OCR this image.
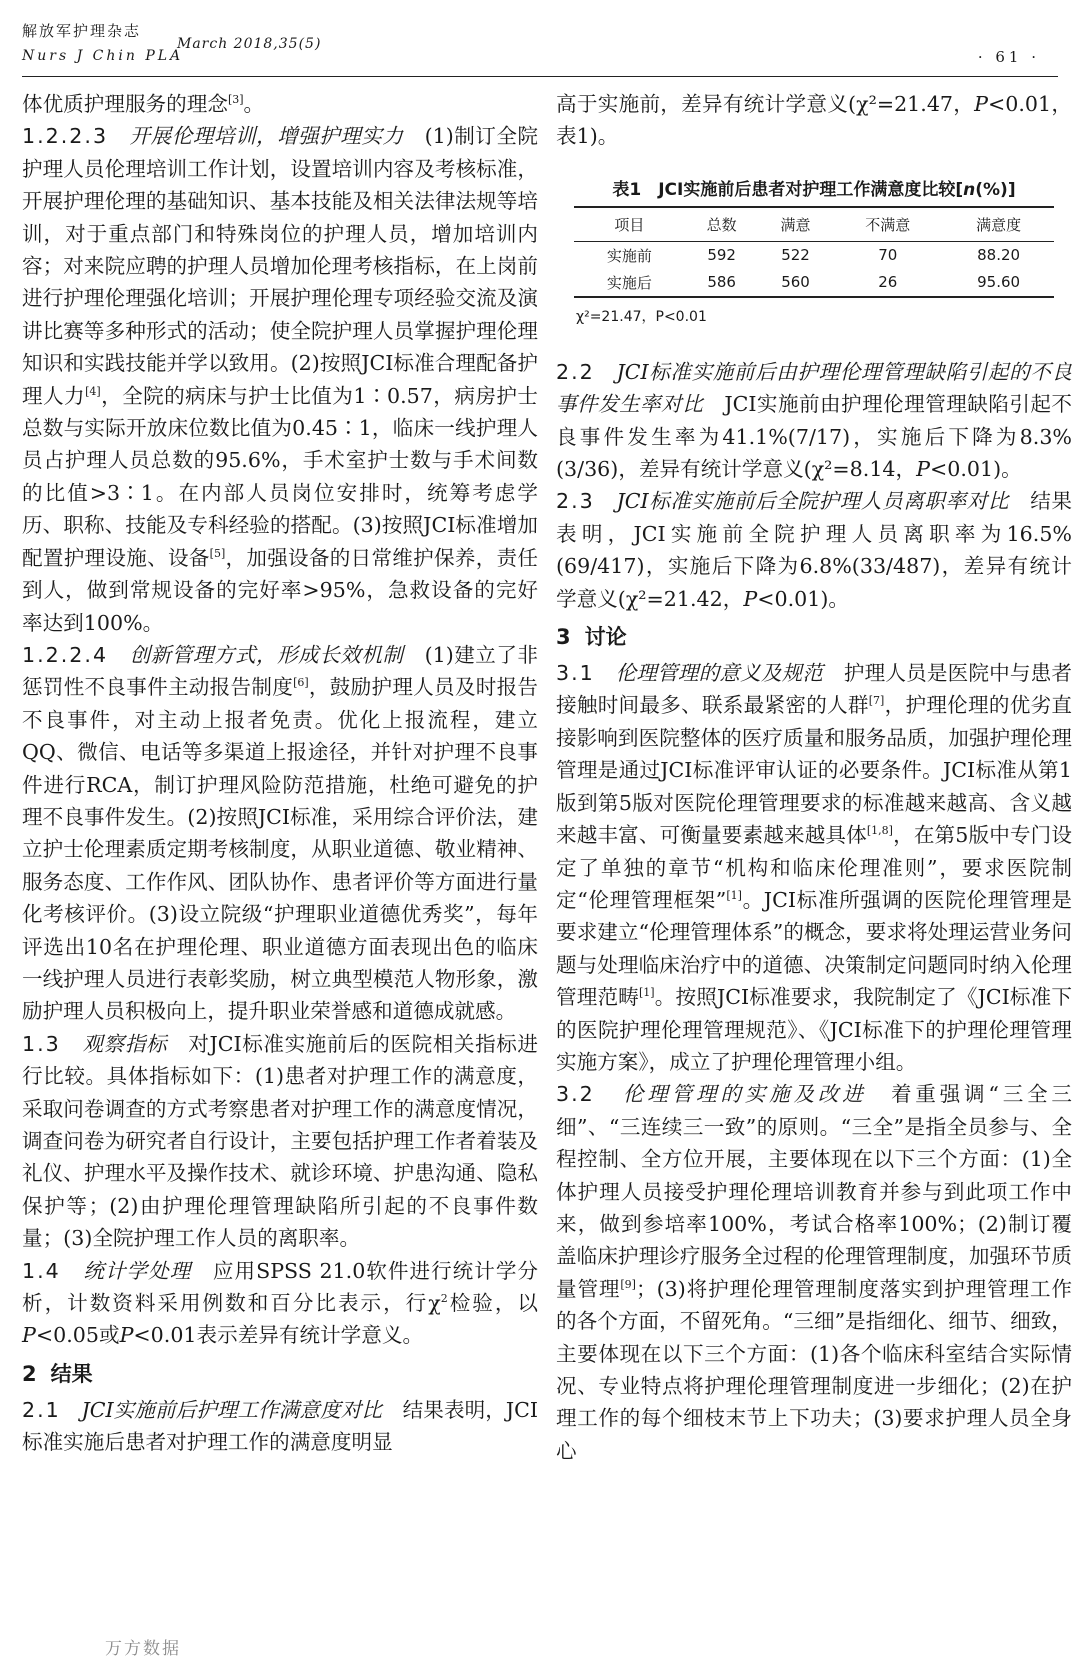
解放军护理杂志
Nurs J Chin PLA
March 2018,35(5)
· 61 ·

体优质护理服务的理念[3]。

1.2.2.3　 开展伦理培训，增强护理实力　 (1)制订全院护理人员伦理培训工作计划，设置培训内容及考核标准，开展护理伦理的基础知识、基本技能及相关法律法规等培训，对于重点部门和特殊岗位的护理人员，增加培训内容；对来院应聘的护理人员增加伦理考核指标，在上岗前进行护理伦理强化培训；开展护理伦理专项经验交流及演讲比赛等多种形式的活动；使全院护理人员掌握护理伦理知识和实践技能并学以致用。(2)按照JCI标准合理配备护理人力[4]，全院的病床与护士比值为1∶0.57，病房护士总数与实际开放床位数比值为0.45∶1，临床一线护理人员占护理人员总数的95.6%，手术室护士数与手术间数的比值>3∶1。在内部人员岗位安排时，统筹考虑学历、职称、技能及专科经验的搭配。(3)按照JCI标准增加配置护理设施、设备[5]，加强设备的日常维护保养，责任到人，做到常规设备的完好率>95%，急救设备的完好率达到100%。

1.2.2.4　 创新管理方式，形成长效机制　 (1)建立了非惩罚性不良事件主动报告制度[6]，鼓励护理人员及时报告不良事件，对主动上报者免责。优化上报流程，建立QQ、微信、电话等多渠道上报途径，并针对护理不良事件进行RCA，制订护理风险防范措施，杜绝可避免的护理不良事件发生。(2)按照JCI标准，采用综合评价法，建立护士伦理素质定期考核制度，从职业道德、敬业精神、服务态度、工作作风、团队协作、患者评价等方面进行量化考核评价。(3)设立院级“护理职业道德优秀奖”，每年评选出10名在护理伦理、职业道德方面表现出色的临床一线护理人员进行表彰奖励，树立典型模范人物形象，激励护理人员积极向上，提升职业荣誉感和道德成就感。

1.3　 观察指标　 对JCI标准实施前后的医院相关指标进行比较。具体指标如下：(1)患者对护理工作的满意度，采取问卷调查的方式考察患者对护理工作的满意度情况，调查问卷为研究者自行设计，主要包括护理工作者着装及礼仪、护理水平及操作技术、就诊环境、护患沟通、隐私保护等；(2)由护理伦理管理缺陷所引起的不良事件数量；(3)全院护理工作人员的离职率。

1.4　 统计学处理　 应用SPSS 21.0软件进行统计学分析，计数资料采用例数和百分比表示，行χ$^2$检验，以P<0.05或P<0.01表示差异有统计学意义。

2 结果

2.1　 JCI实施前后护理工作满意度对比　 结果表明，JCI标准实施后患者对护理工作的满意度明显

高于实施前，差异有统计学意义(χ²=21.47，P<0.01，表1)。

表1　JCI实施前后患者对护理工作满意度比较[n(%)]
项目	总数	满意	不满意	满意度
实施前	592	522	70	88.20
实施后	586	560	26	95.60
χ²=21.47，P<0.01

2.2　 JCI标准实施前后由护理伦理管理缺陷引起的不良事件发生率对比　 JCI实施前由护理伦理管理缺陷引起不良事件发生率为41.1%(7/17)，实施后下降为8.3%(3/36)，差异有统计学意义(χ²=8.14，P<0.01)。

2.3　 JCI标准实施前后全院护理人员离职率对比　 结果表明，JCI实施前全院护理人员离职率为16.5%(69/417)，实施后下降为6.8%(33/487)，差异有统计学意义(χ²=21.42，P<0.01)。

3 讨论

3.1　 伦理管理的意义及规范　 护理人员是医院中与患者接触时间最多、联系最紧密的人群[7]，护理伦理的优劣直接影响到医院整体的医疗质量和服务品质，加强护理伦理管理是通过JCI标准评审认证的必要条件。JCI标准从第1版到第5版对医院伦理管理要求的标准越来越高、含义越来越丰富、可衡量要素越来越具体[1,8]，在第5版中专门设定了单独的章节“机构和临床伦理准则”，要求医院制定“伦理管理框架”[1]。JCI标准所强调的医院伦理管理是要求建立“伦理管理体系”的概念，要求将处理运营业务问题与处理临床治疗中的道德、决策制定问题同时纳入伦理管理范畴[1]。按照JCI标准要求，我院制定了《JCI标准下的医院护理伦理管理规范》、《JCI标准下的护理伦理管理实施方案》，成立了护理伦理管理小组。

3.2　 伦理管理的实施及改进　 着重强调“三全三细”、“三连续三一致”的原则。“三全”是指全员参与、全程控制、全方位开展，主要体现在以下三个方面：(1)全体护理人员接受护理伦理培训教育并参与到此项工作中来，做到参培率100%，考试合格率100%；(2)制订覆盖临床护理诊疗服务全过程的伦理管理制度，加强环节质量管理[9]；(3)将护理伦理管理制度落实到护理管理工作的各个方面，不留死角。“三细”是指细化、细节、细致，主要体现在以下三个方面：(1)各个临床科室结合实际情况、专业特点将护理伦理管理制度进一步细化；(2)在护理工作的每个细枝末节上下功夫；(3)要求护理人员全身心

万方数据
